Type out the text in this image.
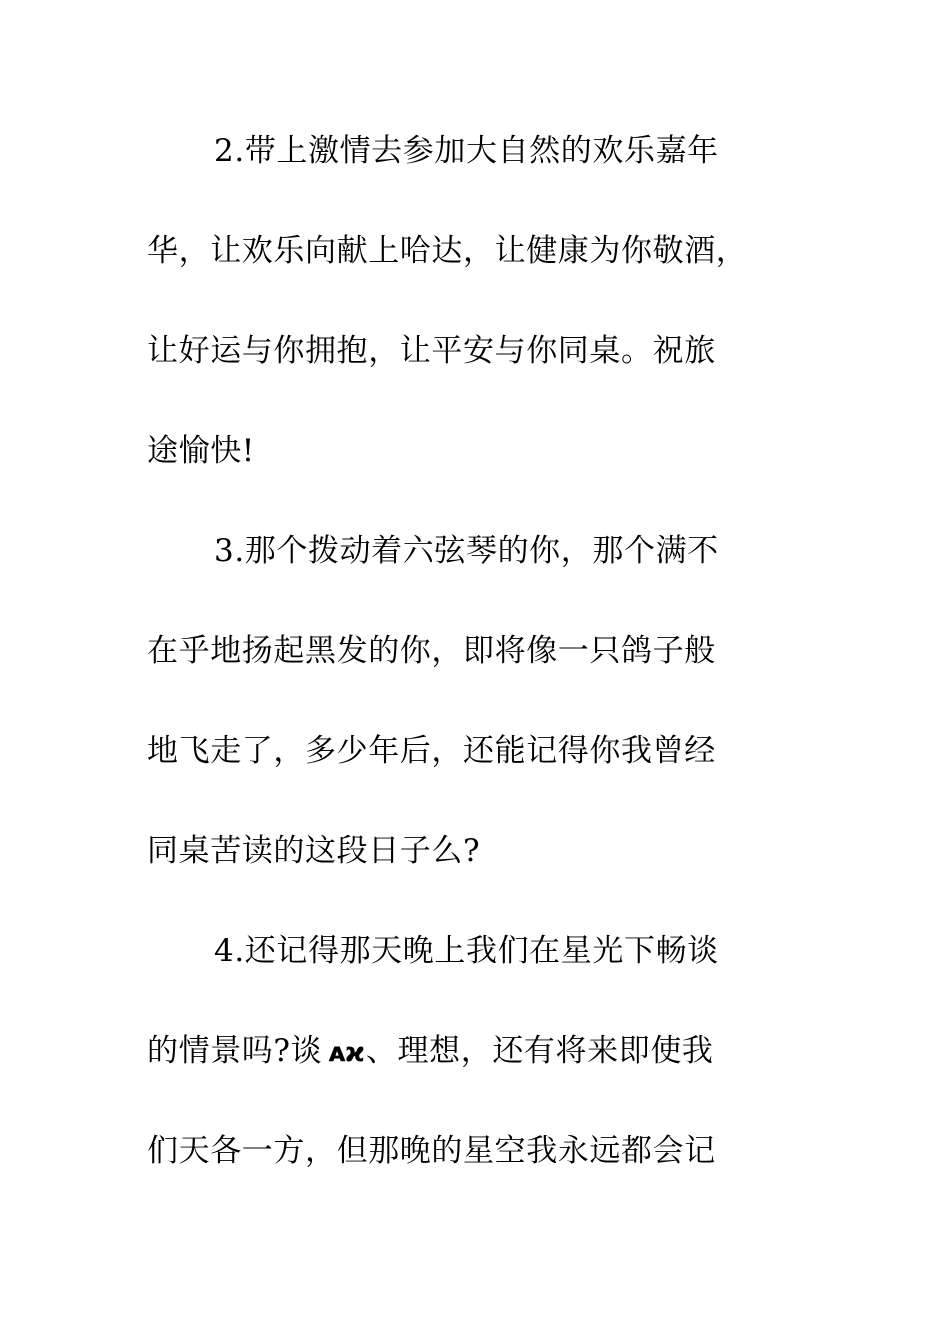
2.带上激情去参加大自然的欢乐嘉年

华，让欢乐向献上哈达，让健康为你敬酒，

让好运与你拥抱，让平安与你同桌。祝旅

途愉快!

3.那个拨动着六弦琴的你，那个满不

在乎地扬起黑发的你，即将像一只鸽子般

地飞走了，多少年后，还能记得你我曾经

同桌苦读的这段日子么?

4.还记得那天晚上我们在星光下畅谈

的情景吗?谈 ᴀϰ、理想，还有将来即使我

们天各一方，但那晚的星空我永远都会记
